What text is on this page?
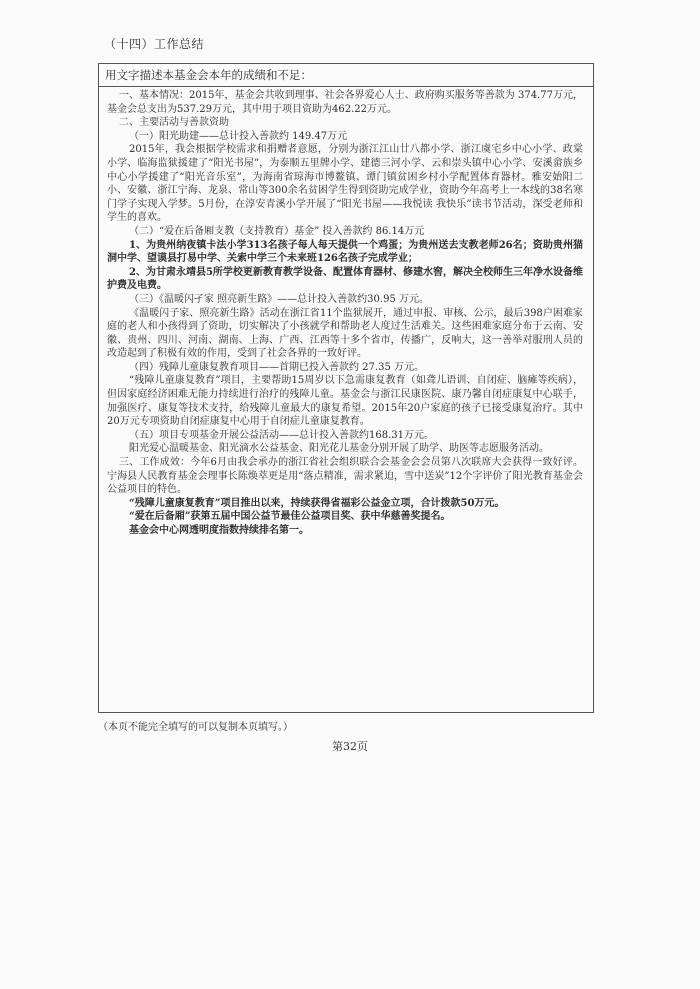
（十四）工作总结
用文字描述本基金会本年的成绩和不足：

一、基本情况：2015年，基金会共收到理事、社会各界爱心人士、政府购买服务等善款为 374.77万元，基金会总支出为537.29万元，其中用于项目资助为462.22万元。

二、主要活动与善款资助

（一）阳光助建——总计投入善款约 149.47万元

2015年，我会根据学校需求和捐赠者意愿，分别为浙江江山廿八都小学、浙江虞宅乡中心小学、政棠小学、临海监狱援建了“阳光书屋”，为泰顺五里牌小学、建德三河小学、云和崇头镇中心小学、安溪畲族乡中心小学援建了“阳光音乐室”，为海南省琼海市博鳌镇、谭门镇贫困乡村小学配置体育器材。雅安始阳二小、安徽、浙江宁海、龙泉、常山等300余名贫困学生得到资助完成学业，资助今年高考上一本线的38名寒门学子实现入学梦。5月份，在淳安青溪小学开展了“阳光书屋——我悦读 我快乐”读书节活动，深受老师和学生的喜欢。

（二）“爱在后备厢支教（支持教育）基金” 投入善款约 86.14万元

1、为贵州纳夜镇卡法小学313名孩子每人每天提供一个鸡蛋；为贵州送去支教老师26名；资助贵州猫洞中学、望谟县打易中学、关索中学三个未来班126名孩子完成学业；

2、为甘肃永靖县5所学校更新教育教学设备、配置体育器材、修建水窖，解决全校师生三年净水设备维护费及电费。

（三）《温暖闪孑家 照亮新生路》——总计投入善款约30.95 万元。

《温暖闪子家、照亮新生路》活动在浙江省11个监狱展开，通过申报、审核、公示，最后398户困难家庭的老人和小孩得到了资助，切实解决了小孩就学和帮助老人度过生活难关。这些困难家庭分布于云南、安徽、贵州、四川、河南、湖南、上海、广西、江西等十多个省市，传播广，反响大，这一善举对服刑人员的改造起到了积极有效的作用，受到了社会各界的一致好评。

（四）残障儿童康复教育项目——首期已投入善款约 27.35 万元。

“残障儿童康复教育”项目，主要帮助15周岁以下急需康复教育（如聋儿语训、自闭症、脑瘫等疾病），但因家庭经济困难无能力持续进行治疗的残障儿童。基金会与浙江民康医院、康乃馨自闭症康复中心联手，加强医疗、康复等技术支持，给残障儿童最大的康复希望。2015年20户家庭的孩子已接受康复治疗。其中20万元专项资助自闭症康复中心用于自闭症儿童康复教育。

（五）项目专项基金开展公益活动——总计投入善款约168.31万元。

阳光爱心温暖基金、阳光滴水公益基金、阳光花儿基金分别开展了助学、助医等志愿服务活动。

三、工作成效：今年6月由我会承办的浙江省社会组织联合会基金会会员第八次联席大会获得一致好评。宁海县人民教育基金会理事长陈焕萃更是用“落点精准，需求紧迫，雪中送炭”12个字评价了阳光教育基金会公益项目的特色。

“残障儿童康复教育”项目推出以来，持续获得省福彩公益金立项，合计拨款50万元。

“爱在后备厢”获第五届中国公益节最佳公益项目奖、获中华慈善奖提名。

基金会中心网透明度指数持续排名第一。

（本页不能完全填写的可以复制本页填写。）
第32页
